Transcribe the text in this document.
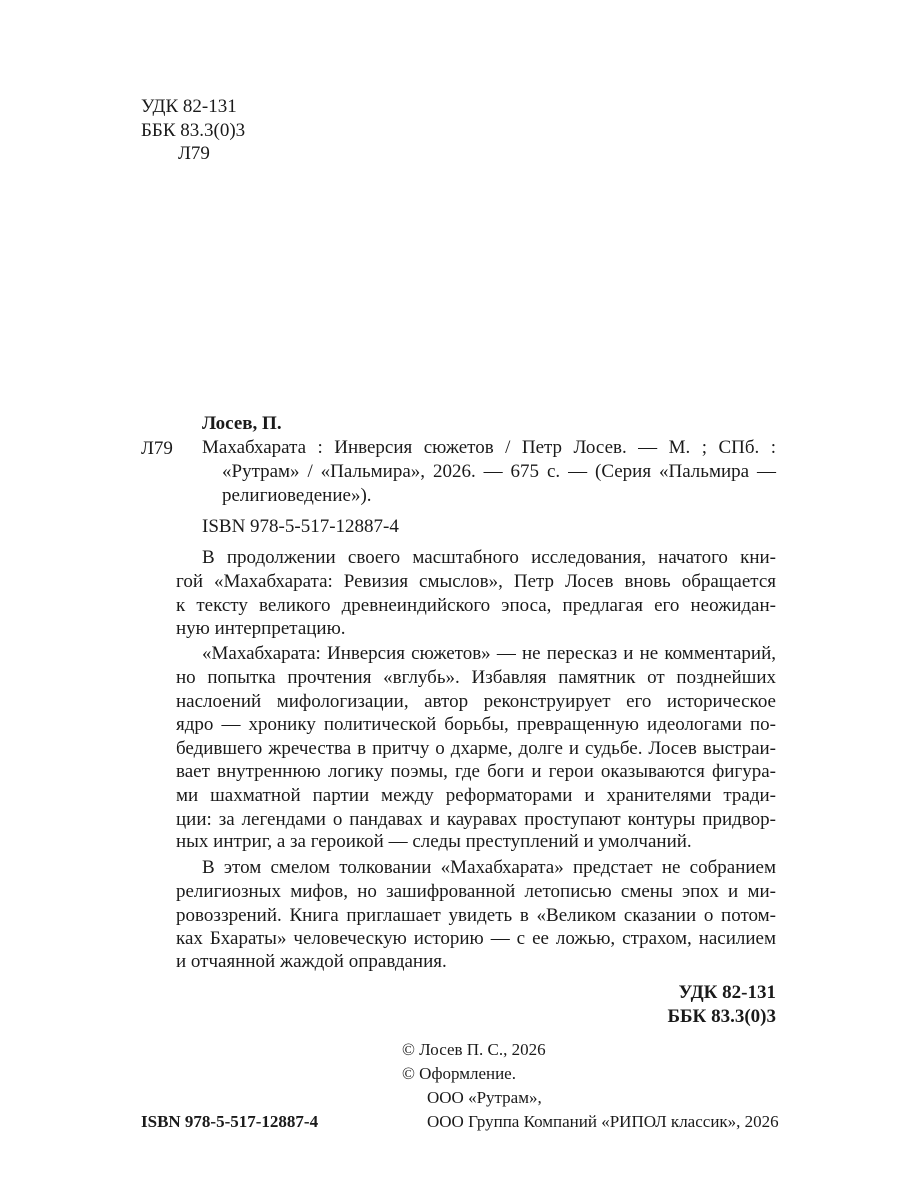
УДК 82-131
ББК 83.3(0)3
Л79
Лосев, П.
Л79 Махабхарата : Инверсия сюжетов / Петр Лосев. — М. ; СПб. :
«Рутрам» / «Пальмира», 2026. — 675 с. — (Серия «Пальмира —
религиоведение»).
ISBN 978-5-517-12887-4
В продолжении своего масштабного исследования, начатого кни-
гой «Махабхарата: Ревизия смыслов», Петр Лосев вновь обращается
к тексту великого древнеиндийского эпоса, предлагая его неожидан-
ную интерпретацию.
«Махабхарата: Инверсия сюжетов» — не пересказ и не комментарий,
но попытка прочтения «вглубь». Избавляя памятник от позднейших
наслоений мифологизации, автор реконструирует его историческое
ядро — хронику политической борьбы, превращенную идеологами по-
бедившего жречества в притчу о дхарме, долге и судьбе. Лосев выстраи-
вает внутреннюю логику поэмы, где боги и герои оказываются фигура-
ми шахматной партии между реформаторами и хранителями тради-
ции: за легендами о пандавах и кауравах проступают контуры придвор-
ных интриг, а за героикой — следы преступлений и умолчаний.
В этом смелом толковании «Махабхарата» предстает не собранием
религиозных мифов, но зашифрованной летописью смены эпох и ми-
ровоззрений. Книга приглашает увидеть в «Великом сказании о потом-
ках Бхараты» человеческую историю — с ее ложью, страхом, насилием
и отчаянной жаждой оправдания.
УДК 82-131
ББК 83.3(0)3
© Лосев П. С., 2026
© Оформление.
ООО «Рутрам»,
ООО Группа Компаний «РИПОЛ классик», 2026
ISBN 978-5-517-12887-4
